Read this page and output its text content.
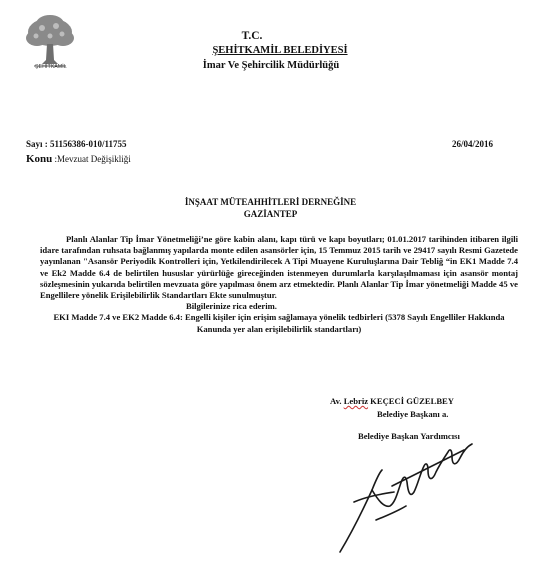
ŞEHİTKAMİL
T.C.
ŞEHİTKAMİL BELEDİYESİ
İmar Ve Şehircilik Müdürlüğü
Sayı : 51156386-010/11755	26/04/2016
Konu :Mevzuat Değişikliği
İNŞAAT MÜTEAHHİTLERİ DERNEĞİNE
GAZİANTEP

Planlı Alanlar Tip İmar Yönetmeliği’ne göre kabin alanı, kapı türü ve kapı boyutları; 01.01.2017 tarihinden itibaren ilgili idare tarafından ruhsata bağlanmış yapılarda monte edilen asansörler için, 15 Temmuz 2015 tarih ve 29417 sayılı Resmi Gazetede yayınlanan "Asansör Periyodik Kontrolleri için, Yetkilendirilecek A Tipi Muayene Kuruluşlarına Dair Tebliğ “in EK1 Madde 7.4 ve Ek2 Madde 6.4 de belirtilen hususlar yürürlüğe gireceğinden istenmeyen durumlarla karşılaşılmaması için asansör montaj sözleşmesinin yukarıda belirtilen mevzuata göre yapılması önem arz etmektedir. Planlı Alanlar Tip İmar yönetmeliği Madde 45 ve Engellilere yönelik Erişilebilirlik Standartları Ekte sunulmuştur.

Bilgilerinize rica ederim.

EKI Madde 7.4 ve EK2 Madde 6.4: Engelli kişiler için erişim sağlamaya yönelik tedbirleri (5378 Sayılı Engelliler Hakkında Kanunda yer alan erişilebilirlik standartları)

Av. Lebriz KEÇECİ GÜZELBEY
Belediye Başkanı a.
Belediye Başkan Yardımcısı
